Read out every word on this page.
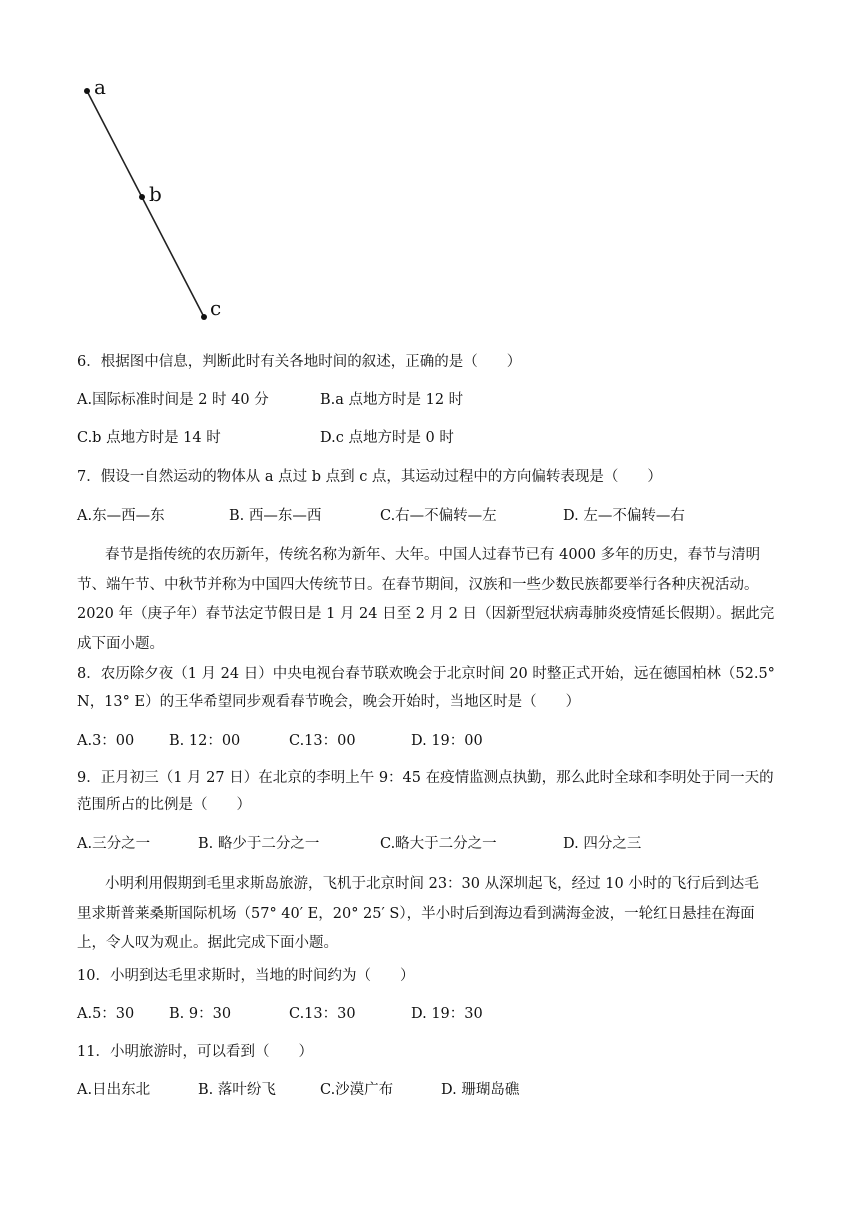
a
b
c
6．根据图中信息，判断此时有关各地时间的叙述，正确的是（　　）
A.国际标准时间是 2 时 40 分	B.a 点地方时是 12 时
C.b 点地方时是 14 时	D.c 点地方时是 0 时
7．假设一自然运动的物体从 a 点过 b 点到 c 点，其运动过程中的方向偏转表现是（　　）
A.东—西—东	B. 西—东—西	C.右—不偏转—左	D. 左—不偏转—右
春节是指传统的农历新年，传统名称为新年、大年。中国人过春节已有 4000 多年的历史，春节与清明
节、端午节、中秋节并称为中国四大传统节日。在春节期间，汉族和一些少数民族都要举行各种庆祝活动。
2020 年（庚子年）春节法定节假日是 1 月 24 日至 2 月 2 日（因新型冠状病毒肺炎疫情延长假期）。据此完
成下面小题。
8．农历除夕夜（1 月 24 日）中央电视台春节联欢晚会于北京时间 20 时整正式开始，远在德国柏林（52.5°
N，13° E）的王华希望同步观看春节晚会，晚会开始时，当地区时是（　　）
A.3：00 B. 12：00	C.13：00	D. 19：00
9．正月初三（1 月 27 日）在北京的李明上午 9：45 在疫情监测点执勤，那么此时全球和李明处于同一天的
范围所占的比例是（　　）
A.三分之一	B. 略少于二分之一	C.略大于二分之一	D. 四分之三
小明利用假期到毛里求斯岛旅游，飞机于北京时间 23：30 从深圳起飞，经过 10 小时的飞行后到达毛
里求斯普莱桑斯国际机场（57° 40′ E，20° 25′ S），半小时后到海边看到满海金波，一轮红日悬挂在海面
上，令人叹为观止。据此完成下面小题。
10．小明到达毛里求斯时，当地的时间约为（　　）
A.5：30 B. 9：30	C.13：30	D. 19：30
11．小明旅游时，可以看到（　　）
A.日出东北	B. 落叶纷飞	C.沙漠广布	D. 珊瑚岛礁
